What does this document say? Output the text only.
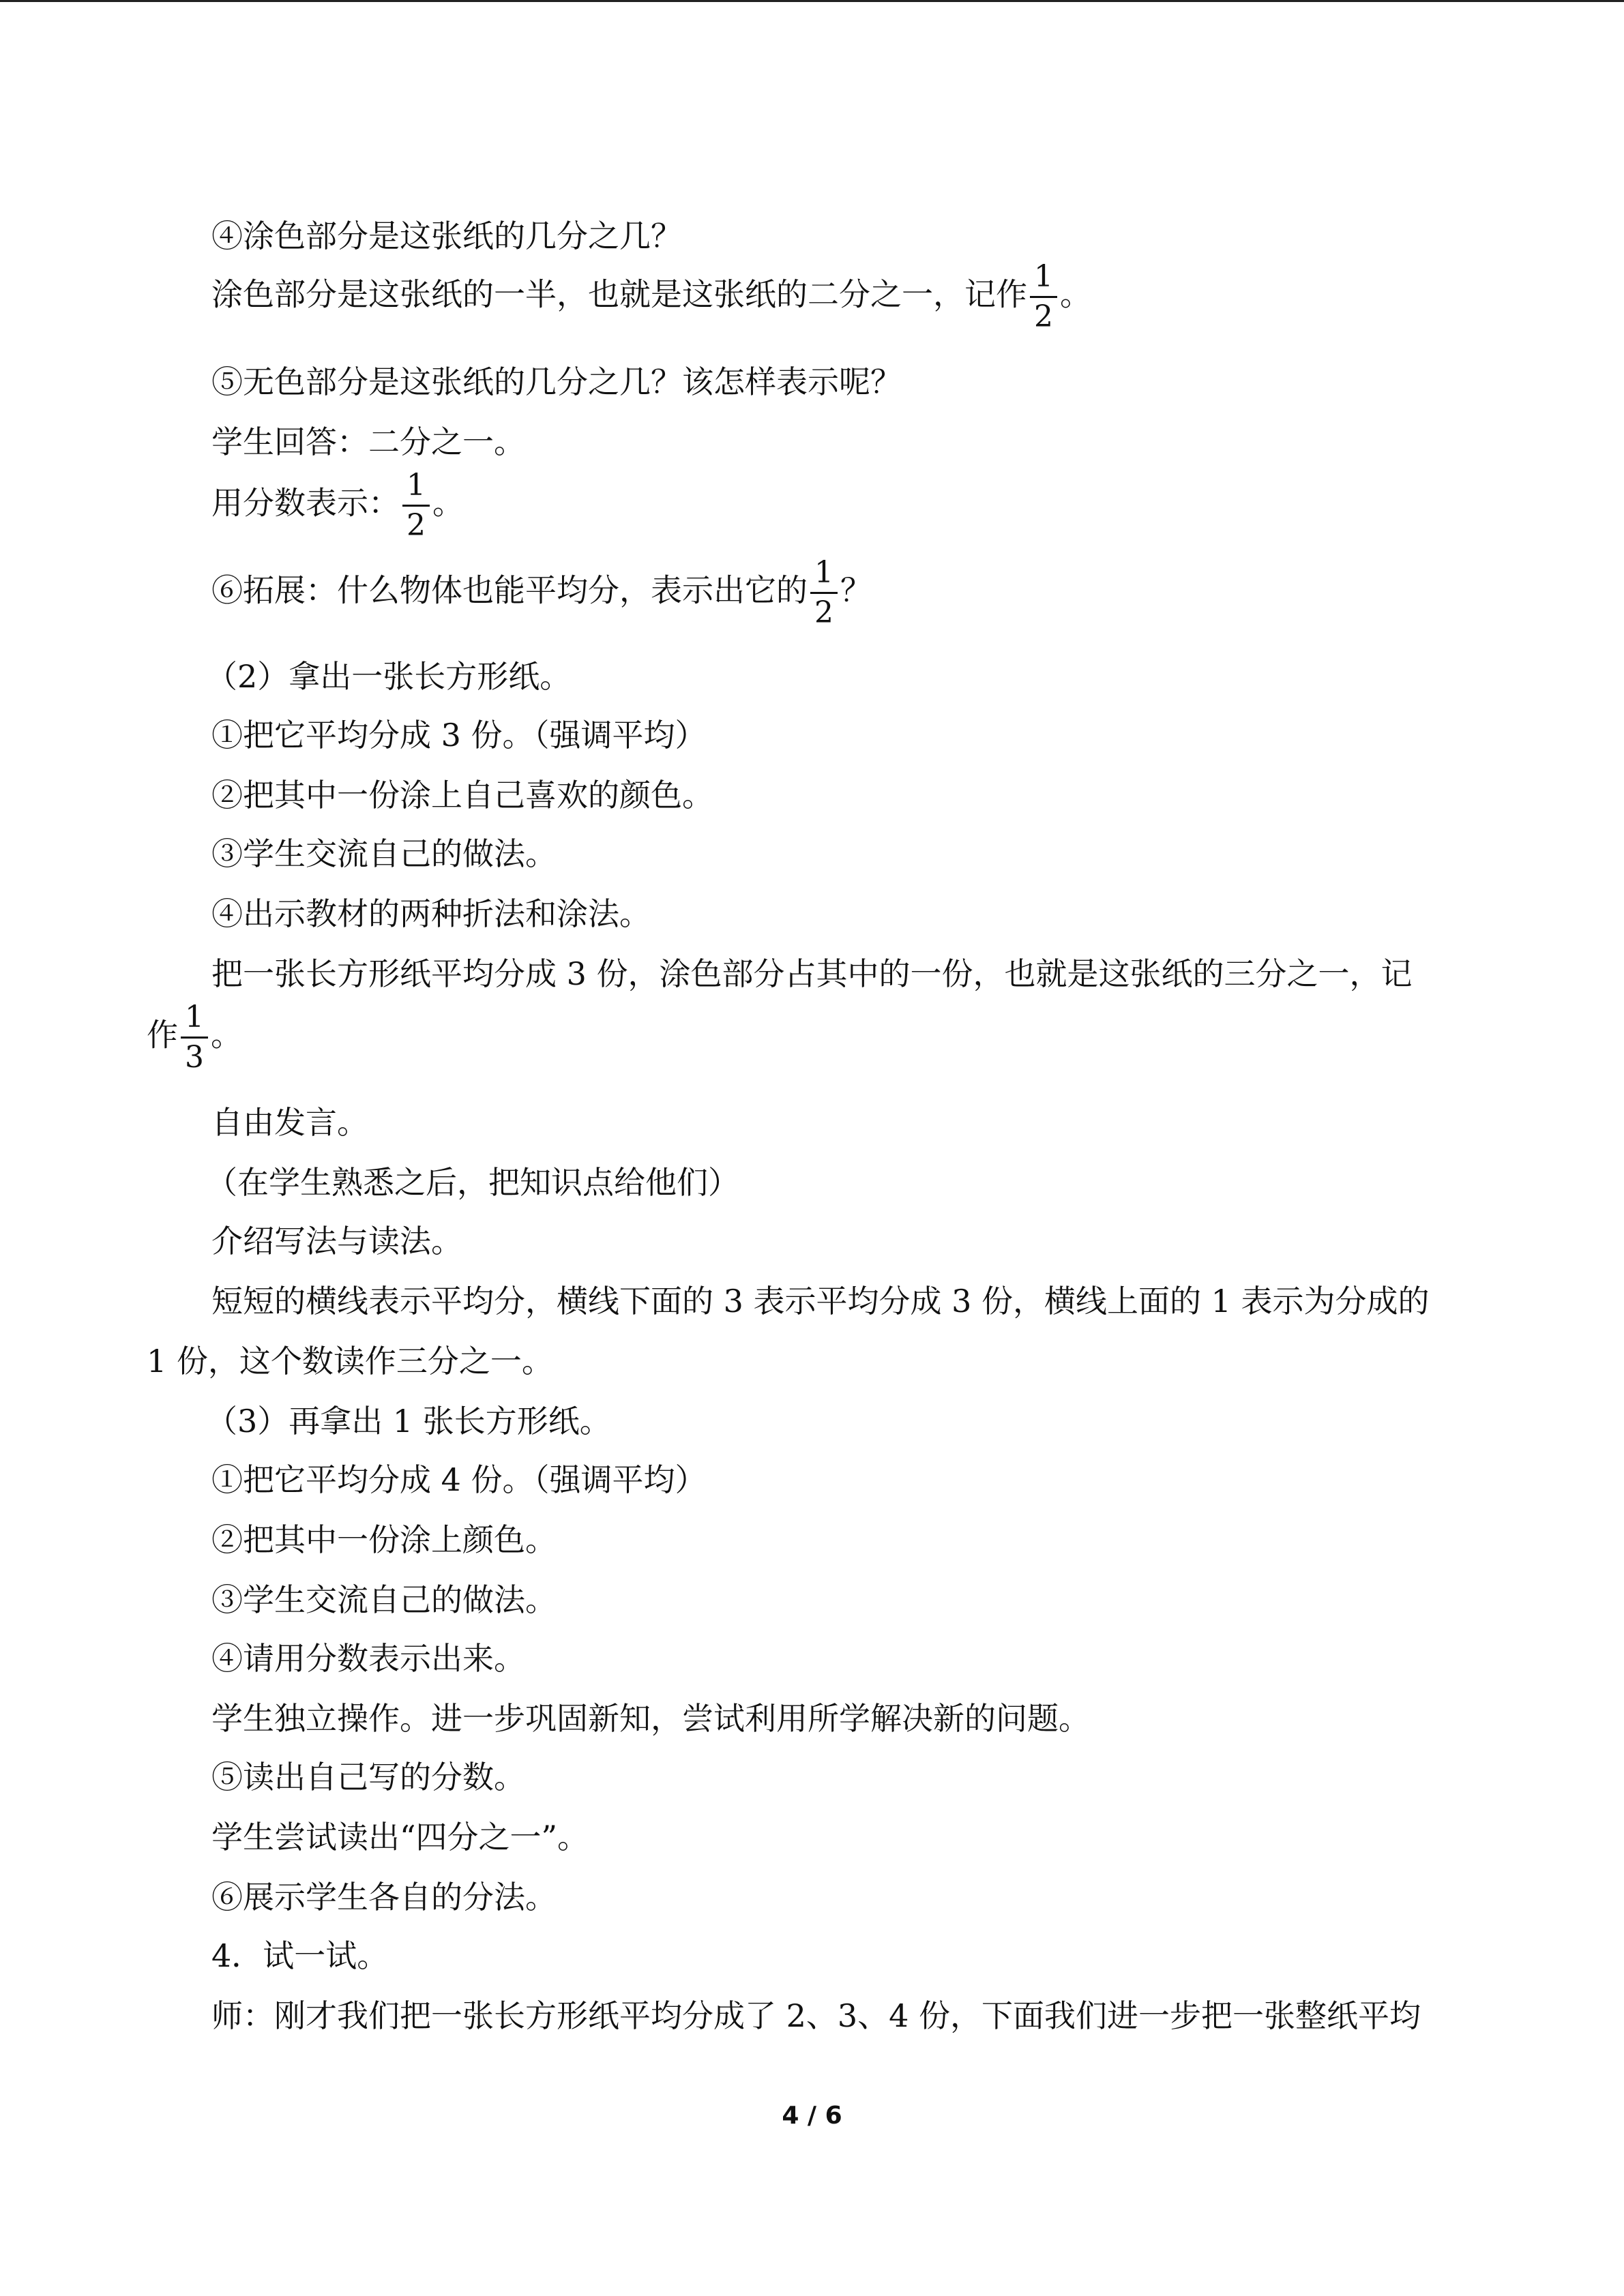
④涂色部分是这张纸的几分之几？
涂色部分是这张纸的一半，也就是这张纸的二分之一，记作 $\frac{1}{2}$ 。
⑤无色部分是这张纸的几分之几？该怎样表示呢？
学生回答：二分之一。
用分数表示： $\frac{1}{2}$ 。
⑥拓展：什么物体也能平均分，表示出它的 $\frac{1}{2}$ ？
（2）拿出一张长方形纸。
①把它平均分成 3 份。（强调平均）
②把其中一份涂上自己喜欢的颜色。
③学生交流自己的做法。
④出示教材的两种折法和涂法。
把一张长方形纸平均分成 3 份，涂色部分占其中的一份，也就是这张纸的三分之一，记
作 $\frac{1}{3}$ 。
自由发言。
（在学生熟悉之后，把知识点给他们）
介绍写法与读法。
短短的横线表示平均分，横线下面的 3 表示平均分成 3 份，横线上面的 1 表示为分成的
1 份，这个数读作三分之一。
（3）再拿出 1 张长方形纸。
①把它平均分成 4 份。（强调平均）
②把其中一份涂上颜色。
③学生交流自己的做法。
④请用分数表示出来。
学生独立操作。进一步巩固新知，尝试利用所学解决新的问题。
⑤读出自己写的分数。
学生尝试读出“四分之一”。
⑥展示学生各自的分法。
4．试一试。
师：刚才我们把一张长方形纸平均分成了 2、3、4 份，下面我们进一步把一张整纸平均
4 / 6
